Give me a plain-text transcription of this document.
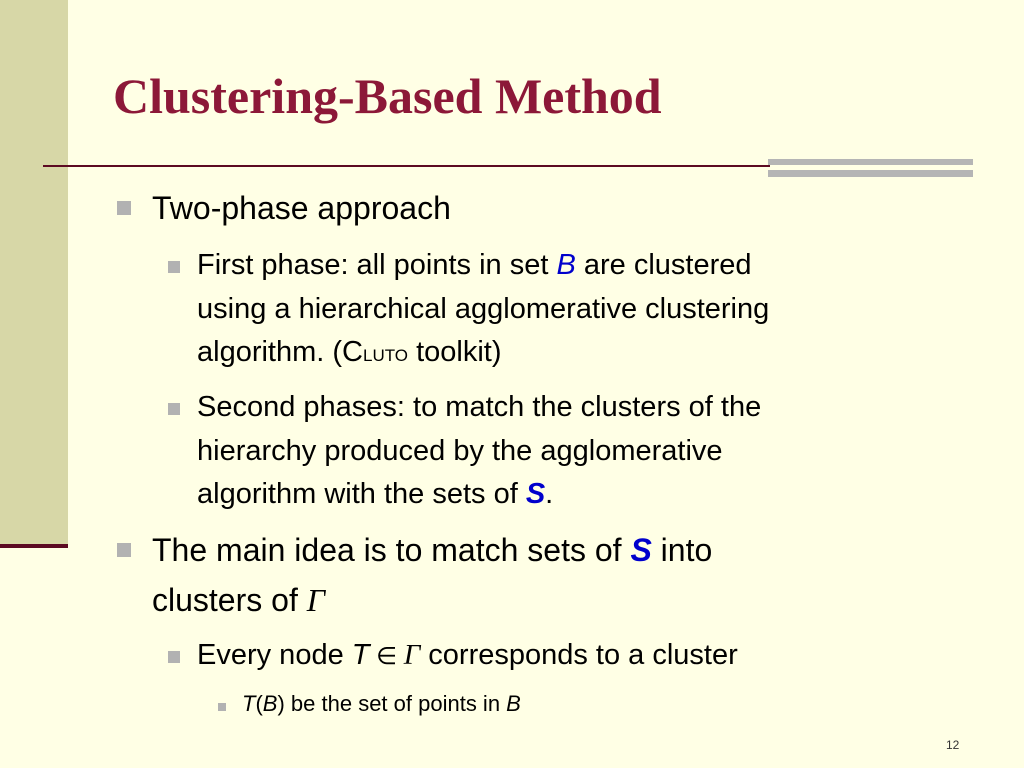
Clustering-Based Method
Two-phase approach
First phase: all points in set B are clustered
using a hierarchical agglomerative clustering
algorithm. (CLUTO toolkit)
Second phases: to match the clusters of the
hierarchy produced by the agglomerative
algorithm with the sets of S.
The main idea is to match sets of S into
clusters of Γ
Every node T ∈ Γ corresponds to a cluster
T(B) be the set of points in B
12
